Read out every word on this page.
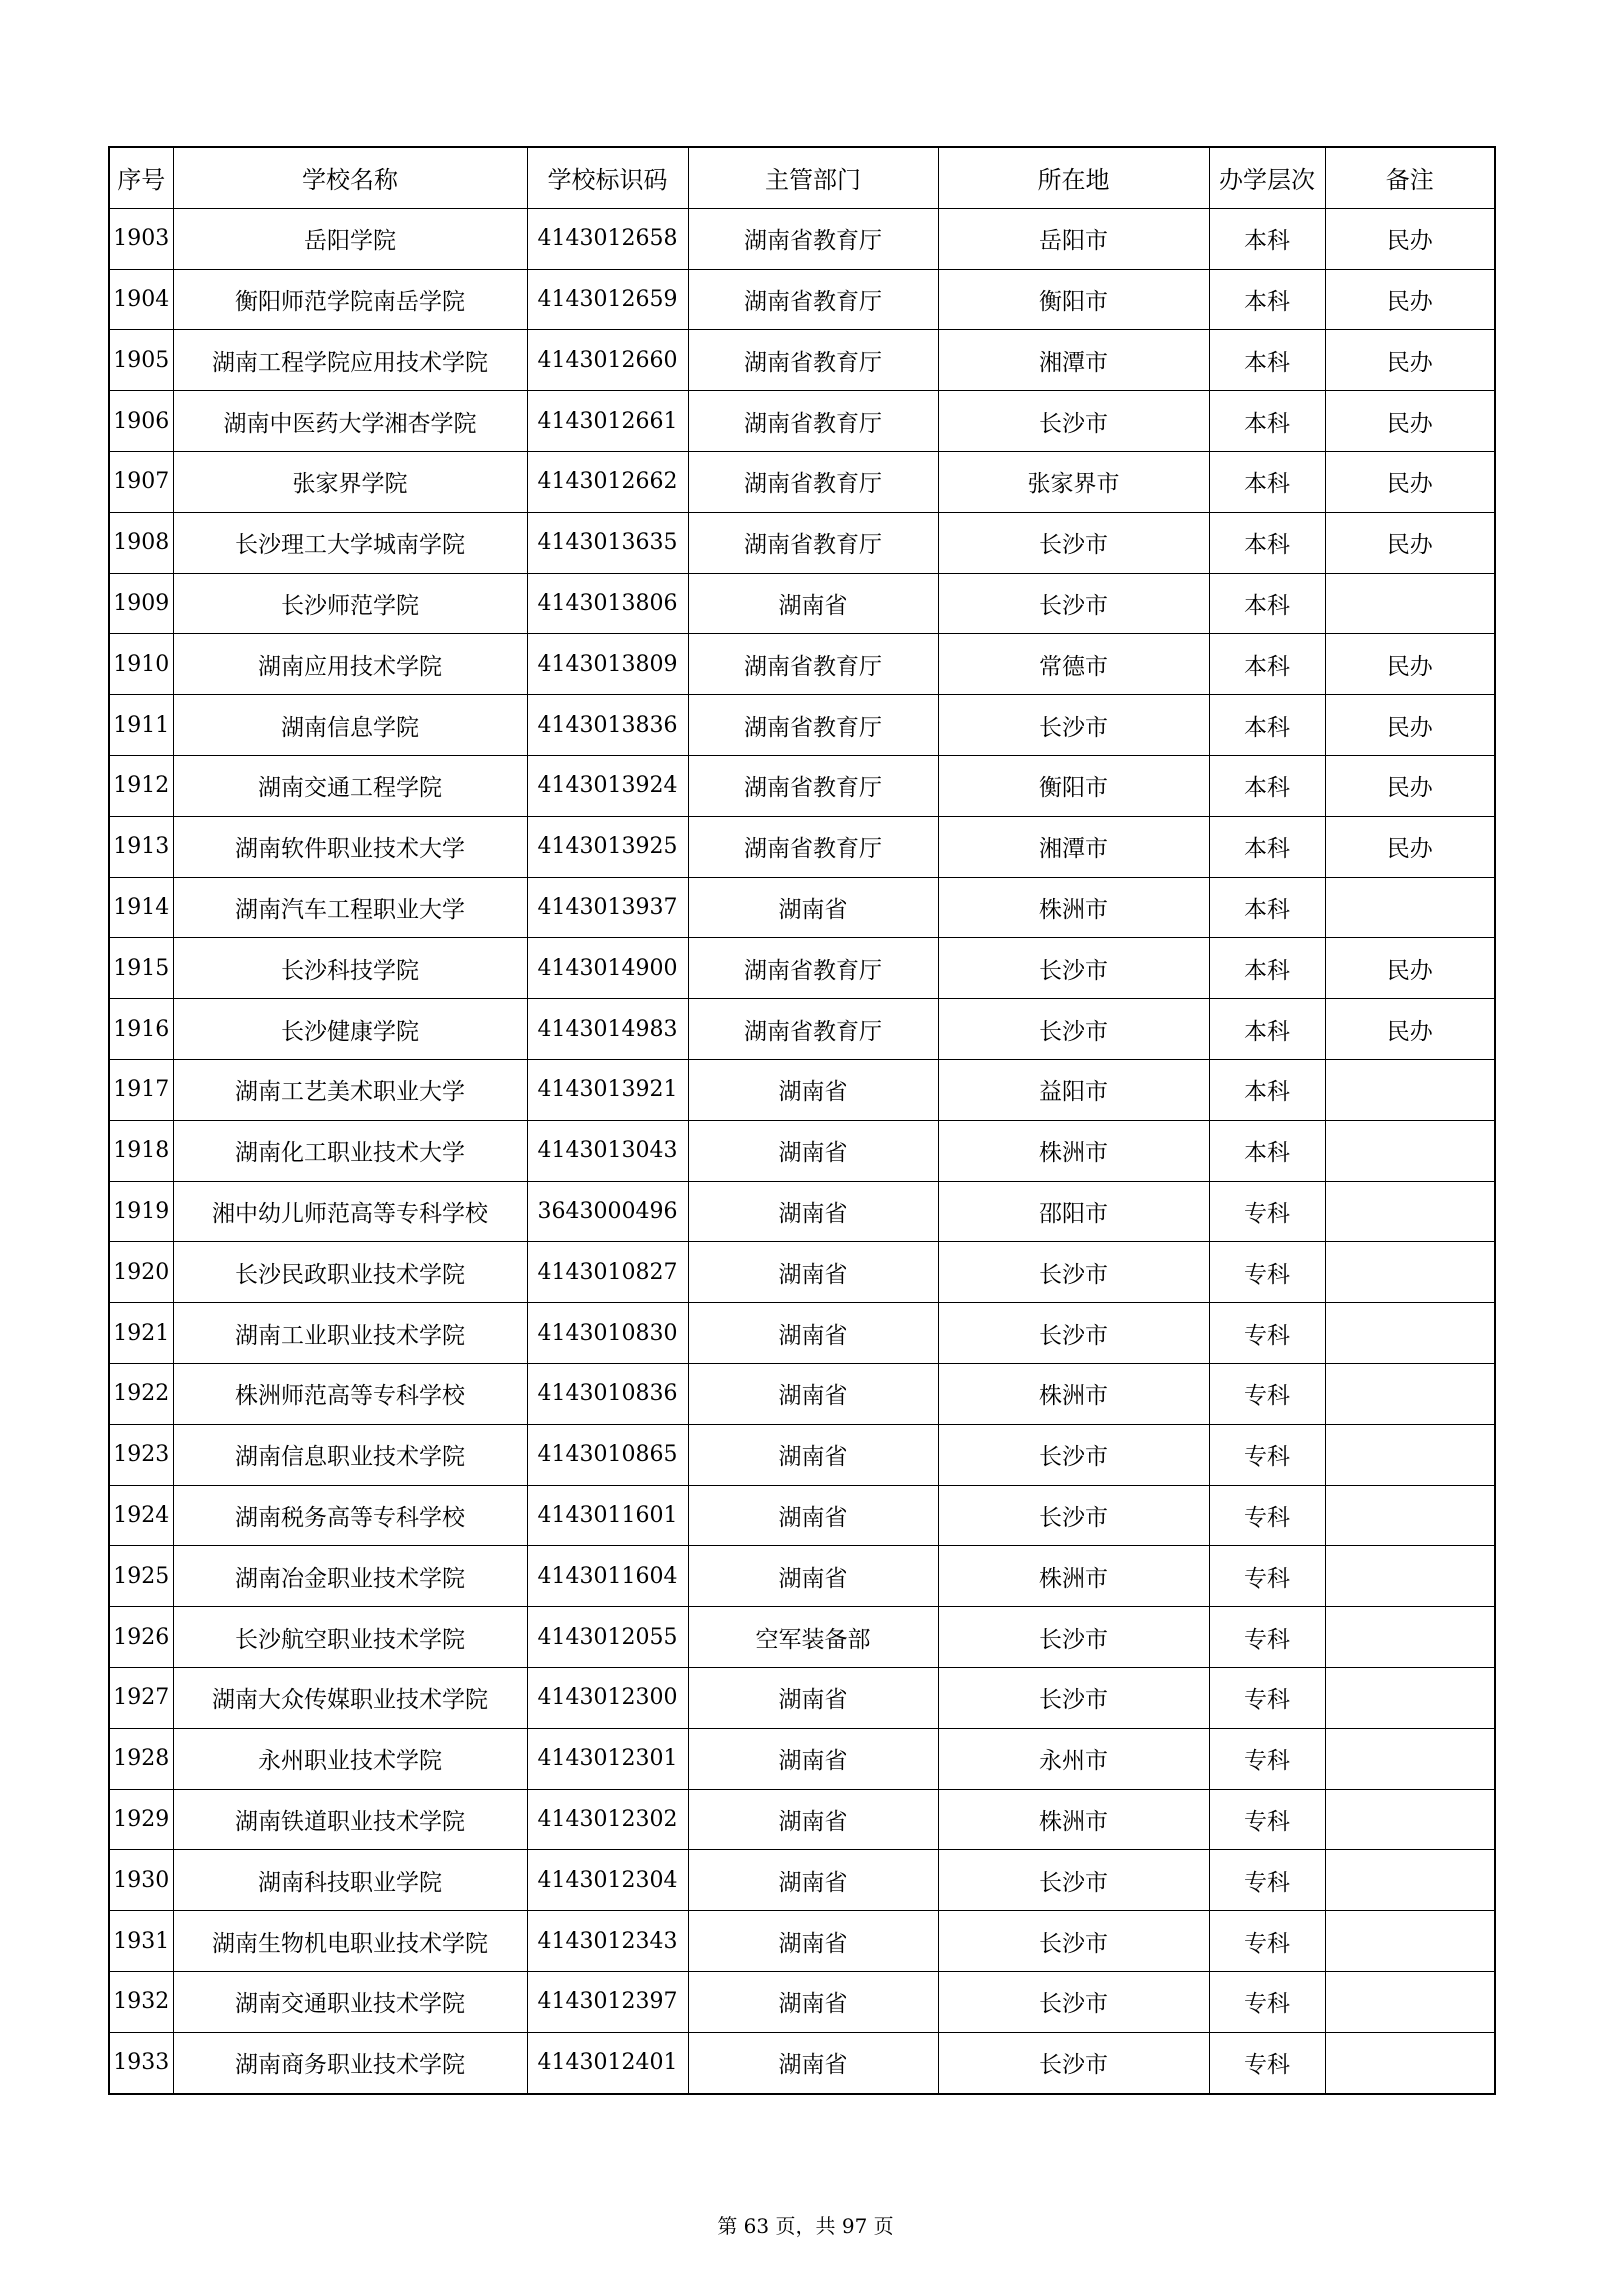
序号	学校名称	学校标识码	主管部门	所在地	办学层次	备注
1903	岳阳学院	4143012658	湖南省教育厅	岳阳市	本科	民办
1904	衡阳师范学院南岳学院	4143012659	湖南省教育厅	衡阳市	本科	民办
1905	湖南工程学院应用技术学院	4143012660	湖南省教育厅	湘潭市	本科	民办
1906	湖南中医药大学湘杏学院	4143012661	湖南省教育厅	长沙市	本科	民办
1907	张家界学院	4143012662	湖南省教育厅	张家界市	本科	民办
1908	长沙理工大学城南学院	4143013635	湖南省教育厅	长沙市	本科	民办
1909	长沙师范学院	4143013806	湖南省	长沙市	本科	
1910	湖南应用技术学院	4143013809	湖南省教育厅	常德市	本科	民办
1911	湖南信息学院	4143013836	湖南省教育厅	长沙市	本科	民办
1912	湖南交通工程学院	4143013924	湖南省教育厅	衡阳市	本科	民办
1913	湖南软件职业技术大学	4143013925	湖南省教育厅	湘潭市	本科	民办
1914	湖南汽车工程职业大学	4143013937	湖南省	株洲市	本科	
1915	长沙科技学院	4143014900	湖南省教育厅	长沙市	本科	民办
1916	长沙健康学院	4143014983	湖南省教育厅	长沙市	本科	民办
1917	湖南工艺美术职业大学	4143013921	湖南省	益阳市	本科	
1918	湖南化工职业技术大学	4143013043	湖南省	株洲市	本科	
1919	湘中幼儿师范高等专科学校	3643000496	湖南省	邵阳市	专科	
1920	长沙民政职业技术学院	4143010827	湖南省	长沙市	专科	
1921	湖南工业职业技术学院	4143010830	湖南省	长沙市	专科	
1922	株洲师范高等专科学校	4143010836	湖南省	株洲市	专科	
1923	湖南信息职业技术学院	4143010865	湖南省	长沙市	专科	
1924	湖南税务高等专科学校	4143011601	湖南省	长沙市	专科	
1925	湖南冶金职业技术学院	4143011604	湖南省	株洲市	专科	
1926	长沙航空职业技术学院	4143012055	空军装备部	长沙市	专科	
1927	湖南大众传媒职业技术学院	4143012300	湖南省	长沙市	专科	
1928	永州职业技术学院	4143012301	湖南省	永州市	专科	
1929	湖南铁道职业技术学院	4143012302	湖南省	株洲市	专科	
1930	湖南科技职业学院	4143012304	湖南省	长沙市	专科	
1931	湖南生物机电职业技术学院	4143012343	湖南省	长沙市	专科	
1932	湖南交通职业技术学院	4143012397	湖南省	长沙市	专科	
1933	湖南商务职业技术学院	4143012401	湖南省	长沙市	专科	
第 63 页，共 97 页
